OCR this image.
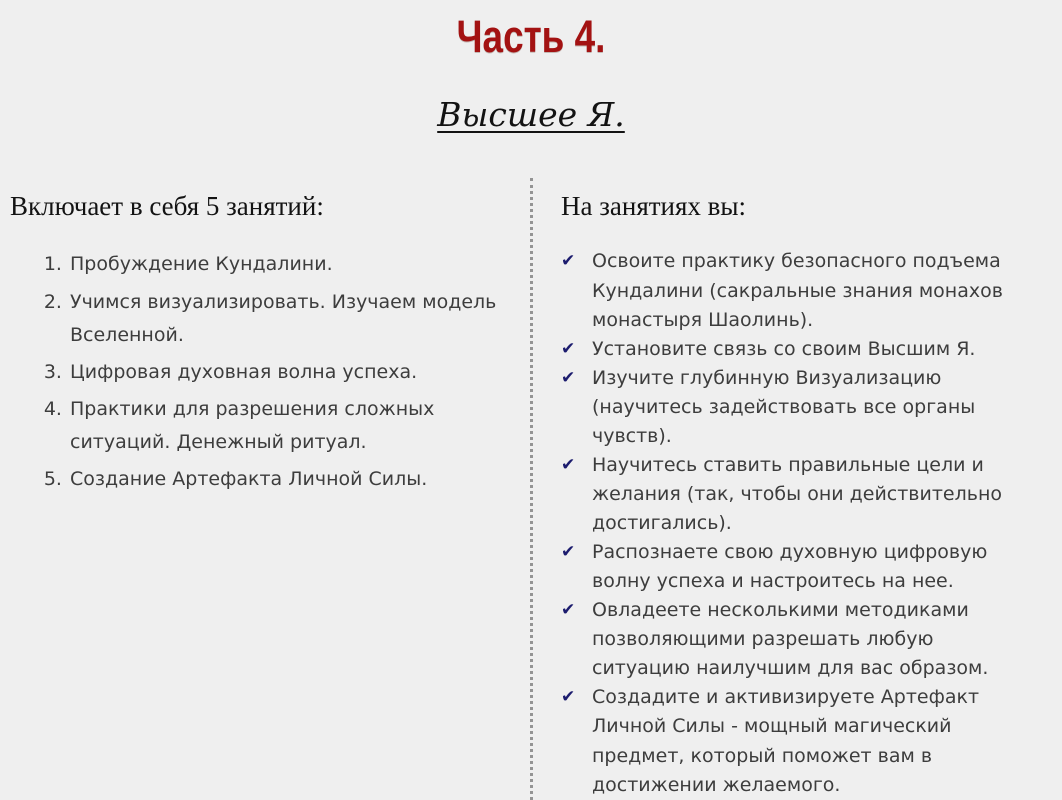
Часть 4.
Высшее Я.
Включает в себя 5 занятий:
1. Пробуждение Кундалини.
2. Учимся визуализировать. Изучаем модель Вселенной.
3. Цифровая духовная волна успеха.
4. Практики для разрешения сложных ситуаций. Денежный ритуал.
5. Создание Артефакта Личной Силы.
На занятиях вы:
✔ Освоите практику безопасного подъема Кундалини (сакральные знания монахов монастыря Шаолинь).
✔ Установите связь со своим Высшим Я.
✔ Изучите глубинную Визуализацию (научитесь задействовать все органы чувств).
✔ Научитесь ставить правильные цели и желания (так, чтобы они действительно достигались).
✔ Распознаете свою духовную цифровую волну успеха и настроитесь на нее.
✔ Овладеете несколькими методиками позволяющими разрешать любую ситуацию наилучшим для вас образом.
✔ Создадите и активизируете Артефакт Личной Силы - мощный магический предмет, который поможет вам в достижении желаемого.
